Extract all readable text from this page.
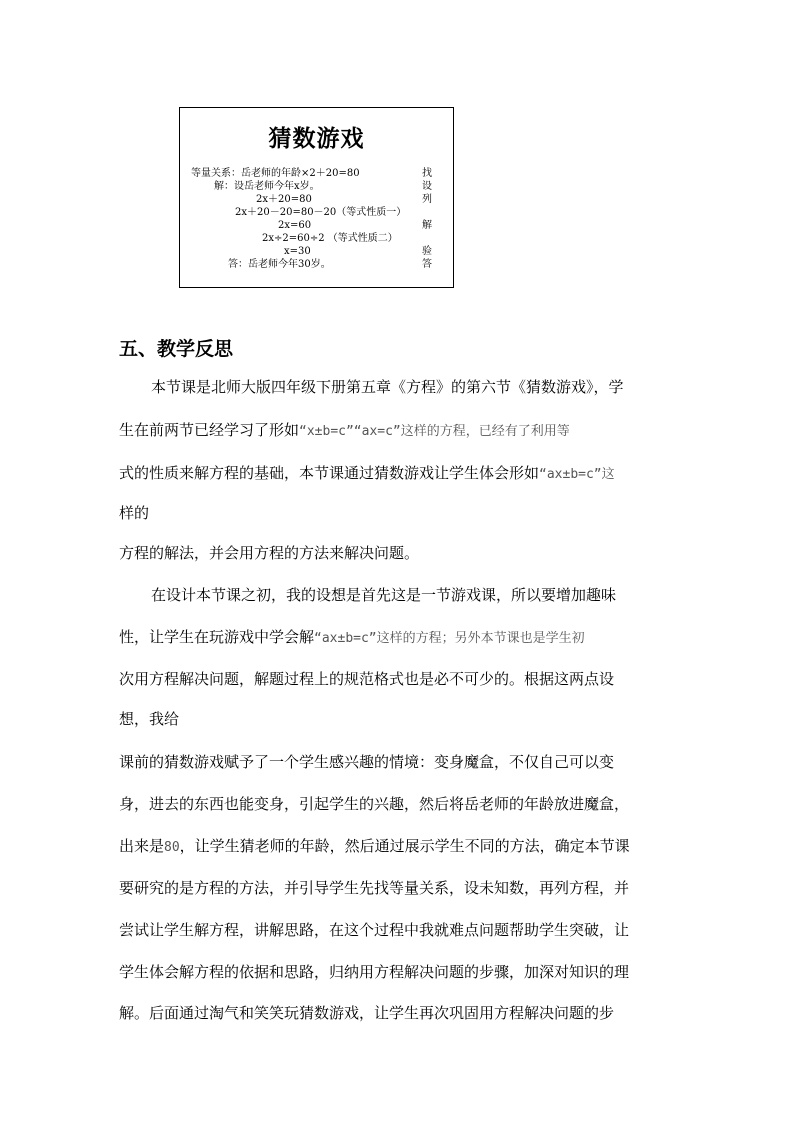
猜数游戏
等量关系：岳老师的年龄×2＋20=80
解：设岳老师今年x岁。
2x＋20=80
2x＋20－20=80－20（等式性质一）
2x=60
2x÷2=60÷2 （等式性质二）
x=30
答：岳老师今年30岁。
找
设
列
解
验
答
五、教学反思
本节课是北师大版四年级下册第五章《方程》的第六节《猜数游戏》，学
生在前两节已经学习了形如“x±b=c”“ax=c”这样的方程，已经有了利用等
式的性质来解方程的基础，本节课通过猜数游戏让学生体会形如“ax±b=c”这
样的
方程的解法，并会用方程的方法来解决问题。
在设计本节课之初，我的设想是首先这是一节游戏课，所以要增加趣味
性，让学生在玩游戏中学会解“ax±b=c”这样的方程；另外本节课也是学生初
次用方程解决问题，解题过程上的规范格式也是必不可少的。根据这两点设
想，我给
课前的猜数游戏赋予了一个学生感兴趣的情境：变身魔盒，不仅自己可以变
身，进去的东西也能变身，引起学生的兴趣，然后将岳老师的年龄放进魔盒，
出来是80，让学生猜老师的年龄，然后通过展示学生不同的方法，确定本节课
要研究的是方程的方法，并引导学生先找等量关系，设未知数，再列方程，并
尝试让学生解方程，讲解思路，在这个过程中我就难点问题帮助学生突破，让
学生体会解方程的依据和思路，归纳用方程解决问题的步骤，加深对知识的理
解。后面通过淘气和笑笑玩猜数游戏，让学生再次巩固用方程解决问题的步
